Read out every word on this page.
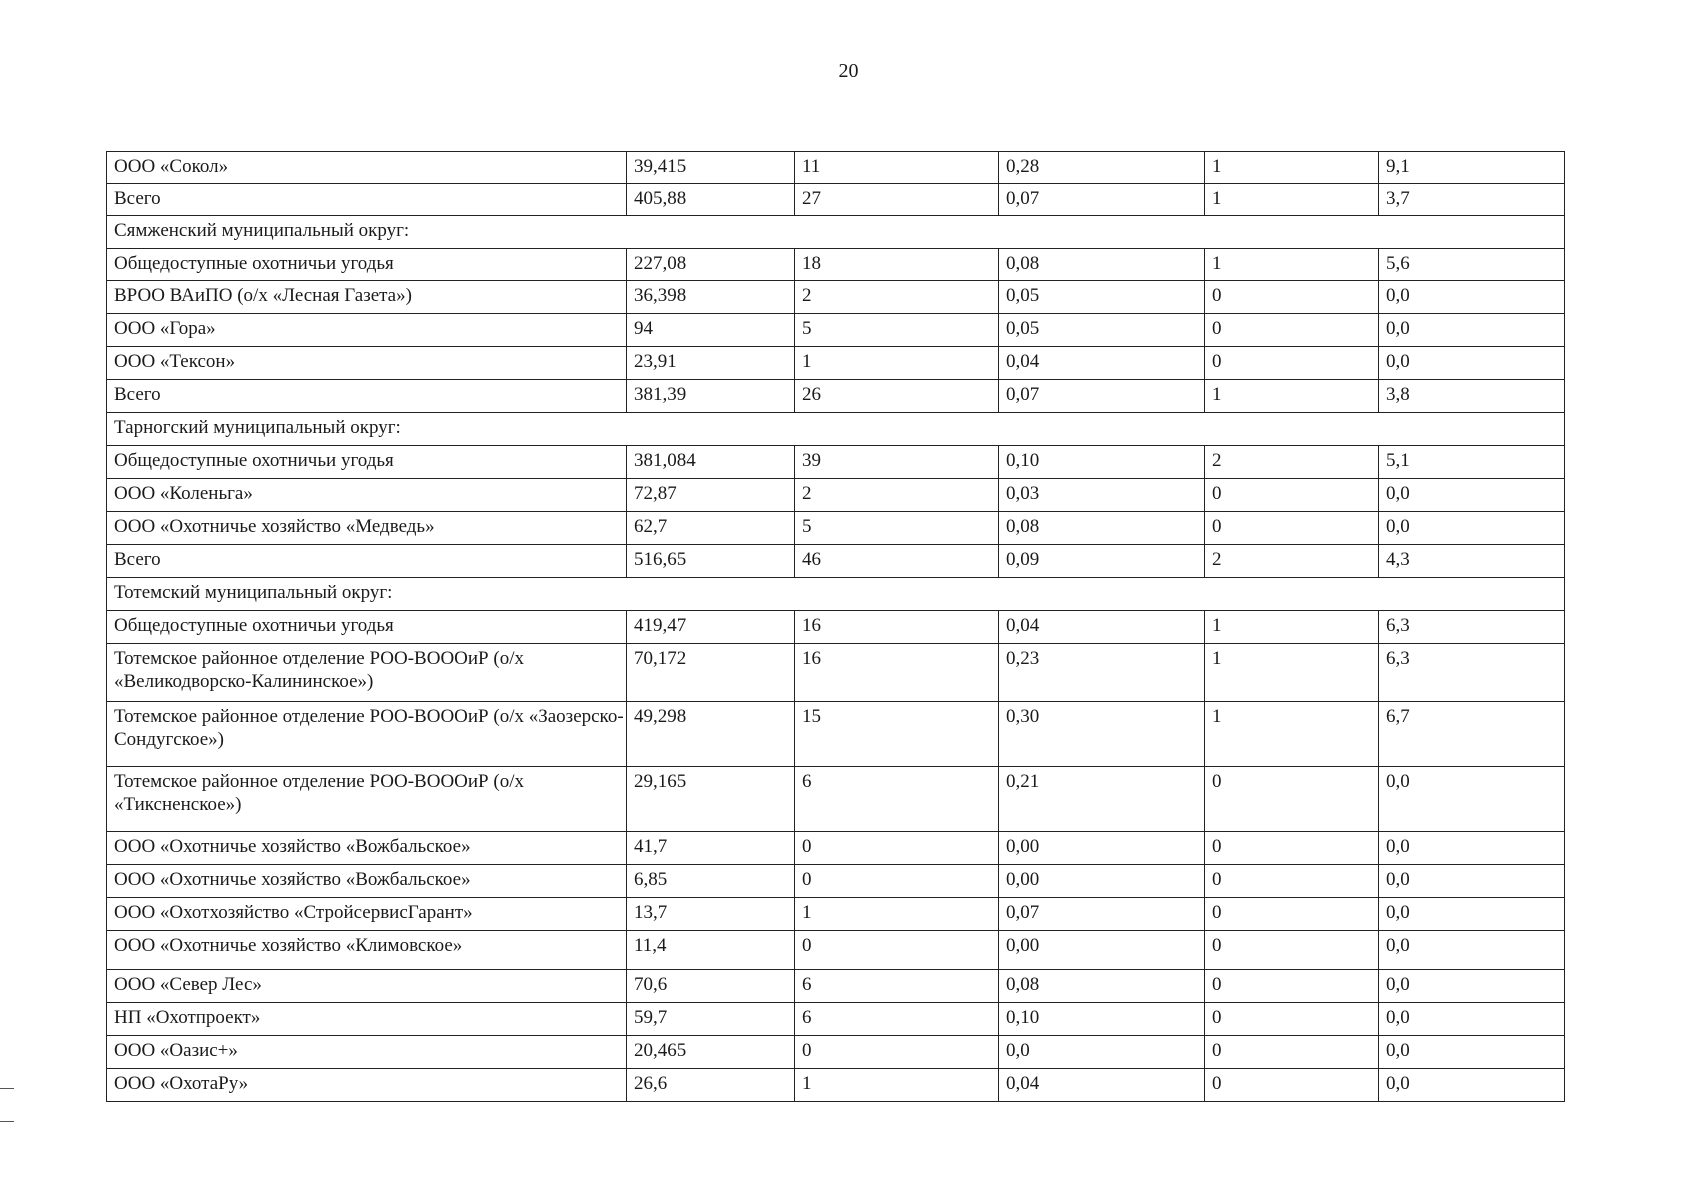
20
ООО «Сокол»	39,415	11	0,28	1	9,1
Всего	405,88	27	0,07	1	3,7
Сямженский муниципальный округ:					
Общедоступные охотничьи угодья	227,08	18	0,08	1	5,6
ВРОО ВАиПО (о/х «Лесная Газета»)	36,398	2	0,05	0	0,0
ООО «Гора»	94	5	0,05	0	0,0
ООО «Тексон»	23,91	1	0,04	0	0,0
Всего	381,39	26	0,07	1	3,8
Тарногский муниципальный округ:					
Общедоступные охотничьи угодья	381,084	39	0,10	2	5,1
ООО «Коленьга»	72,87	2	0,03	0	0,0
ООО «Охотничье хозяйство «Медведь»	62,7	5	0,08	0	0,0
Всего	516,65	46	0,09	2	4,3
Тотемский муниципальный округ:					
Общедоступные охотничьи угодья	419,47	16	0,04	1	6,3
Тотемское районное отделение РОО-ВОООиР (о/х «Великодворско-Калининское»)	70,172	16	0,23	1	6,3
Тотемское районное отделение РОО-ВОООиР (о/х «Заозерско-Сондугское»)	49,298	15	0,30	1	6,7
Тотемское районное отделение РОО-ВОООиР (о/х «Тиксненское»)	29,165	6	0,21	0	0,0
ООО «Охотничье хозяйство «Вожбальское»	41,7	0	0,00	0	0,0
ООО «Охотничье хозяйство «Вожбальское»	6,85	0	0,00	0	0,0
ООО «Охотхозяйство «СтройсервисГарант»	13,7	1	0,07	0	0,0
ООО «Охотничье хозяйство «Климовское»	11,4	0	0,00	0	0,0
ООО «Север Лес»	70,6	6	0,08	0	0,0
НП «Охотпроект»	59,7	6	0,10	0	0,0
ООО «Оазис+»	20,465	0	0,0	0	0,0
ООО «ОхотаРу»	26,6	1	0,04	0	0,0
